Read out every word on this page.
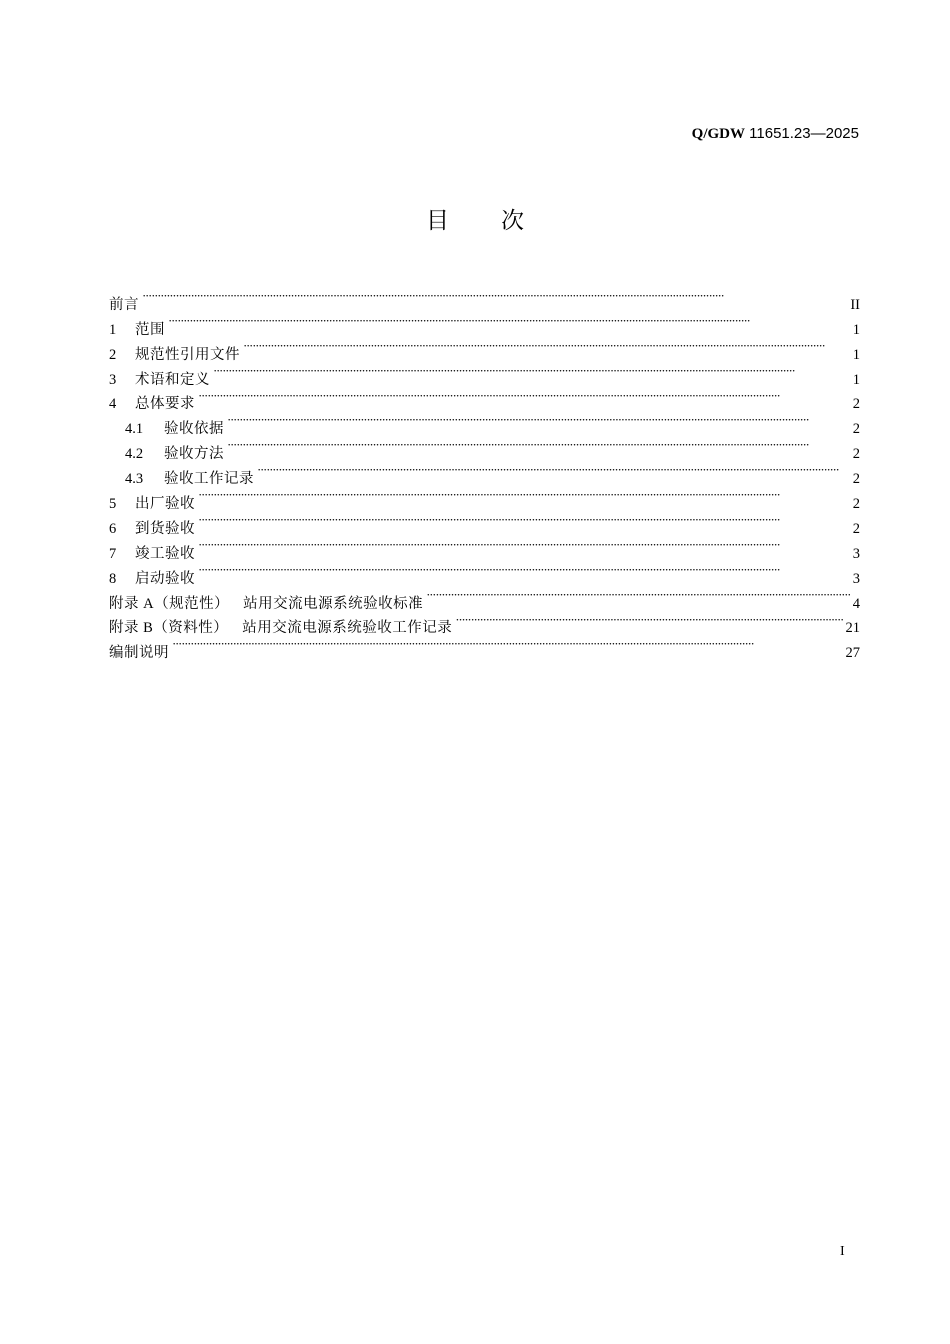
Q/GDW 11651.23—2025
目 次
前言 ·····	II
1	范围 ·····	1
2	规范性引用文件 ·····	1
3	术语和定义 ·····	1
4	总体要求 ·····	2
4.1	验收依据 ·····	2
4.2	验收方法 ·····	2
4.3	验收工作记录 ·····	2
5	出厂验收 ·····	2
6	到货验收 ·····	2
7	竣工验收 ·····	3
8	启动验收 ·····	3
附录 A（规范性） 站用交流电源系统验收标准 ·····	4
附录 B（资料性） 站用交流电源系统验收工作记录 ·····	21
编制说明 ·····	27
I
